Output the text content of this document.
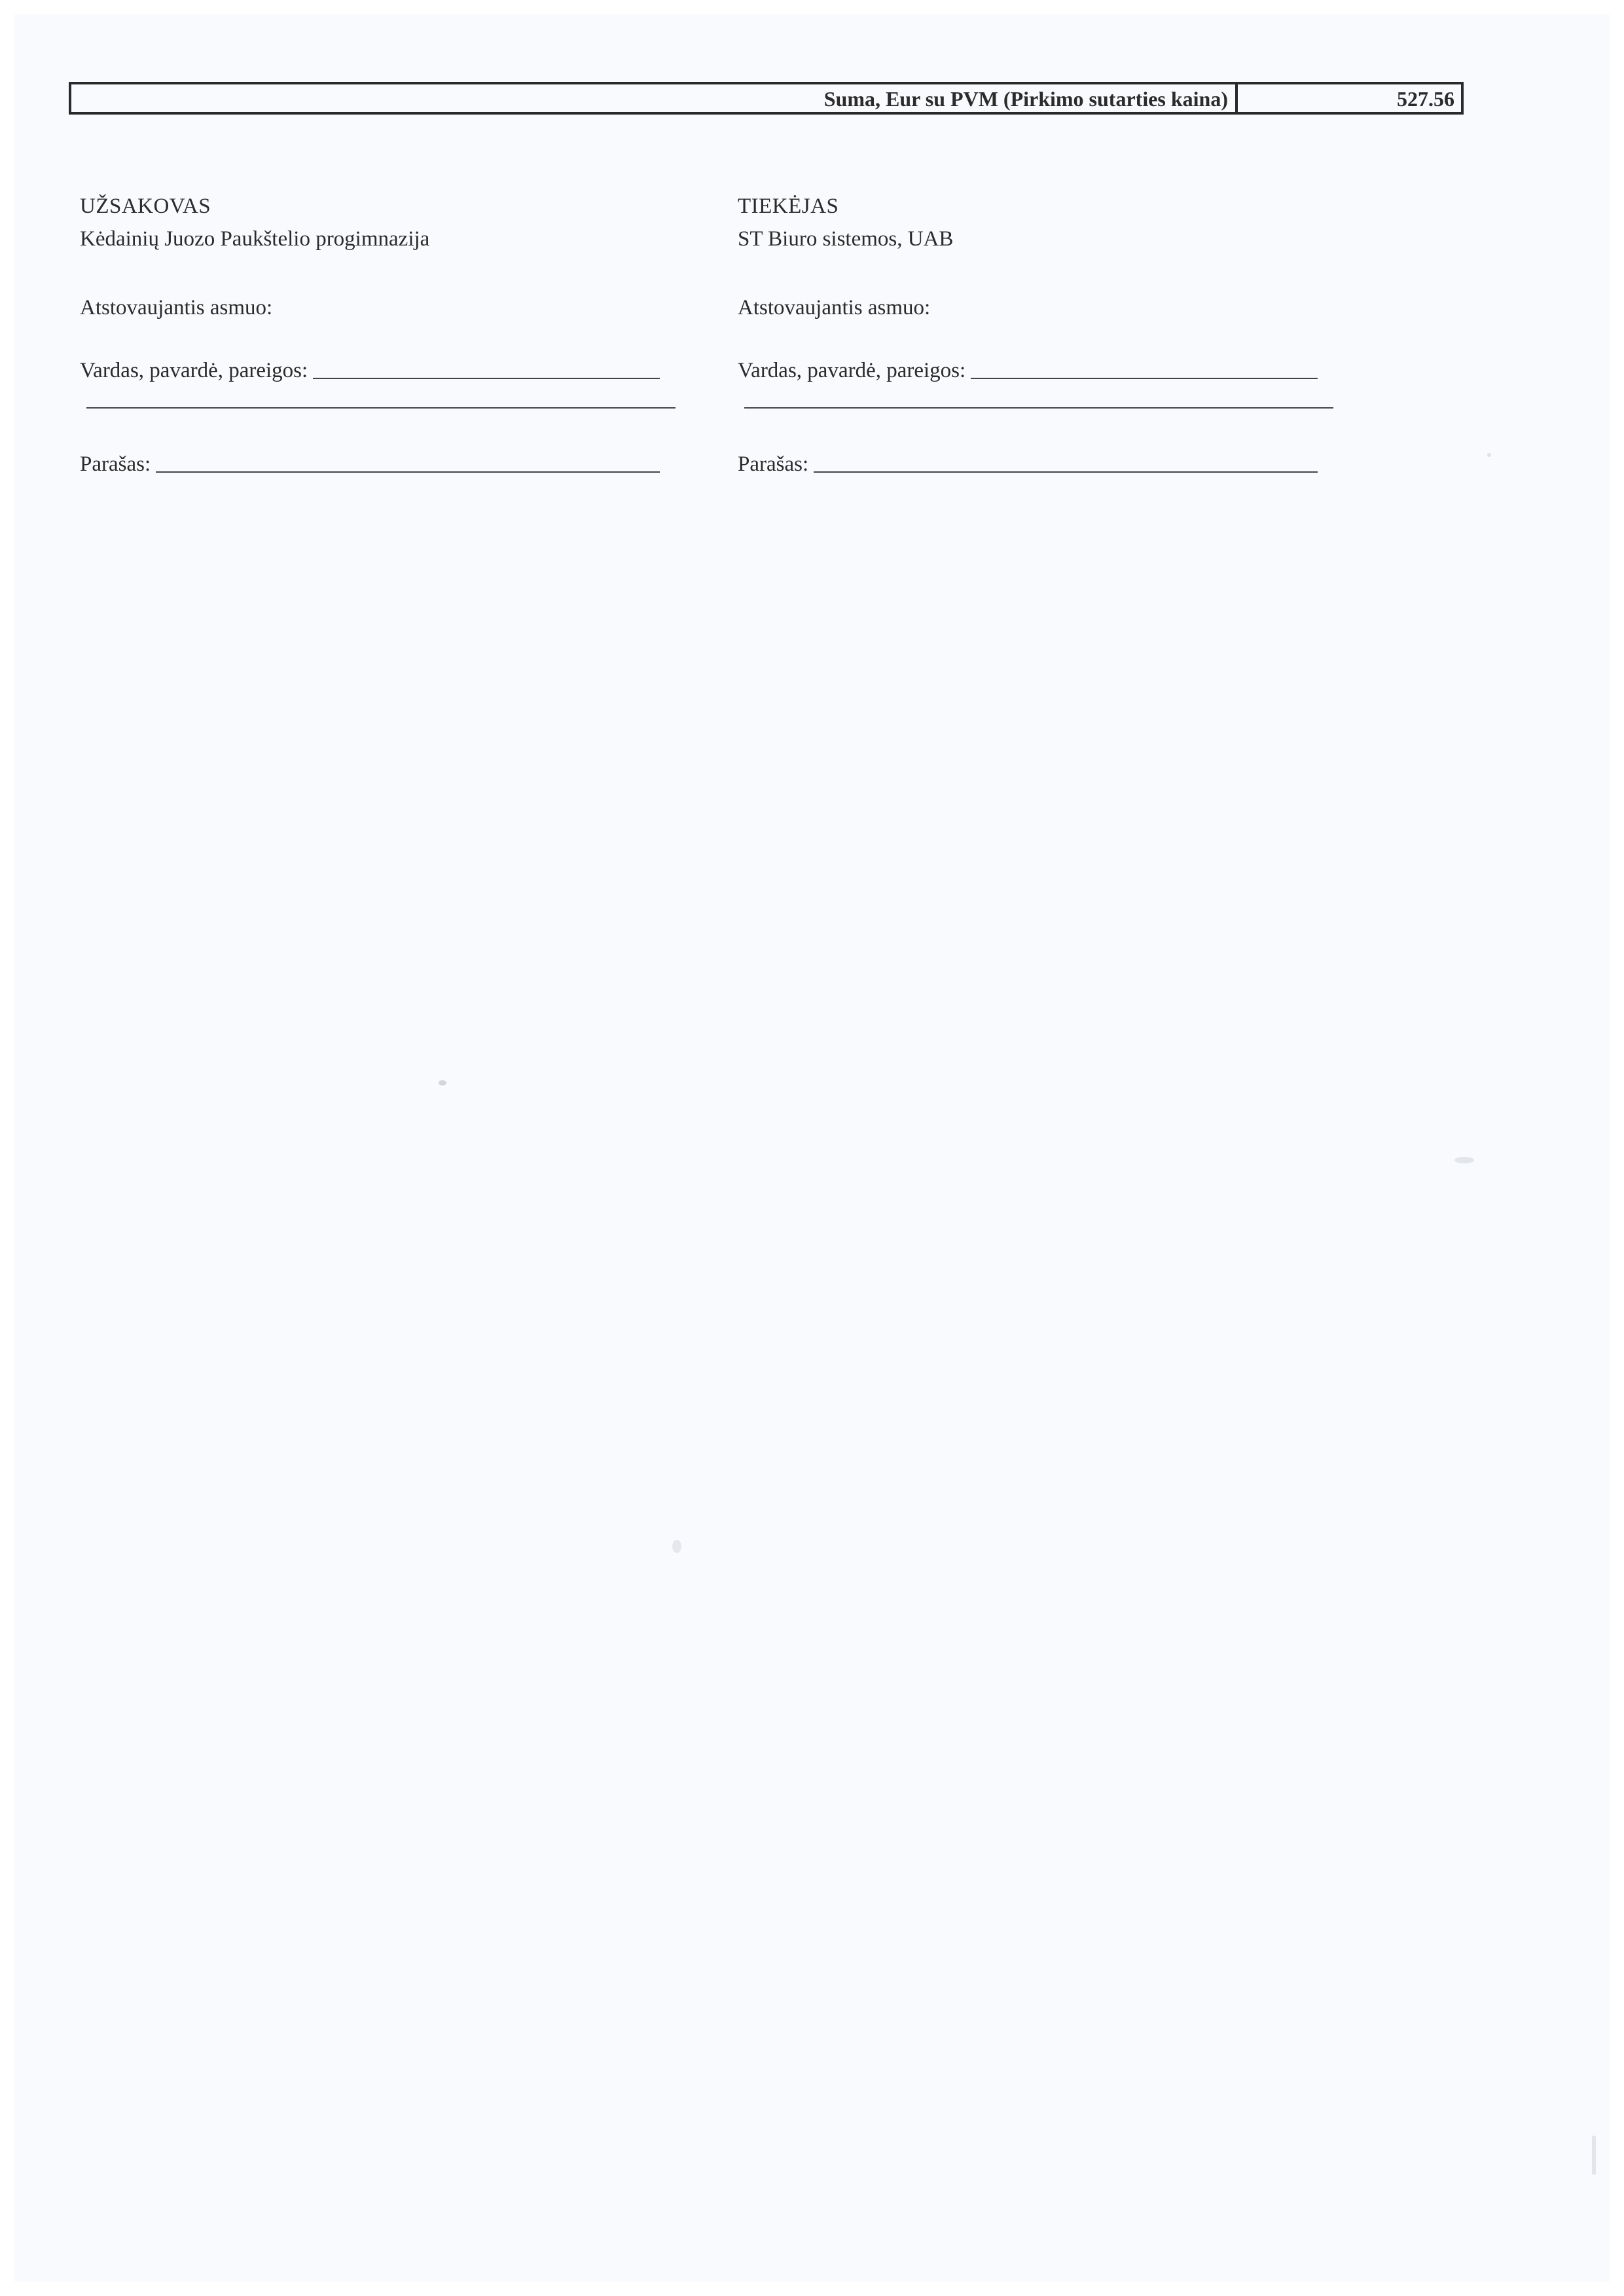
Suma, Eur su PVM (Pirkimo sutarties kaina)	527.56
UŽSAKOVAS
Kėdainių Juozo Paukštelio progimnazija
Atstovaujantis asmuo:
Vardas, pavardė, pareigos:
Parašas:
TIEKĖJAS
ST Biuro sistemos, UAB
Atstovaujantis asmuo:
Vardas, pavardė, pareigos:
Parašas:
